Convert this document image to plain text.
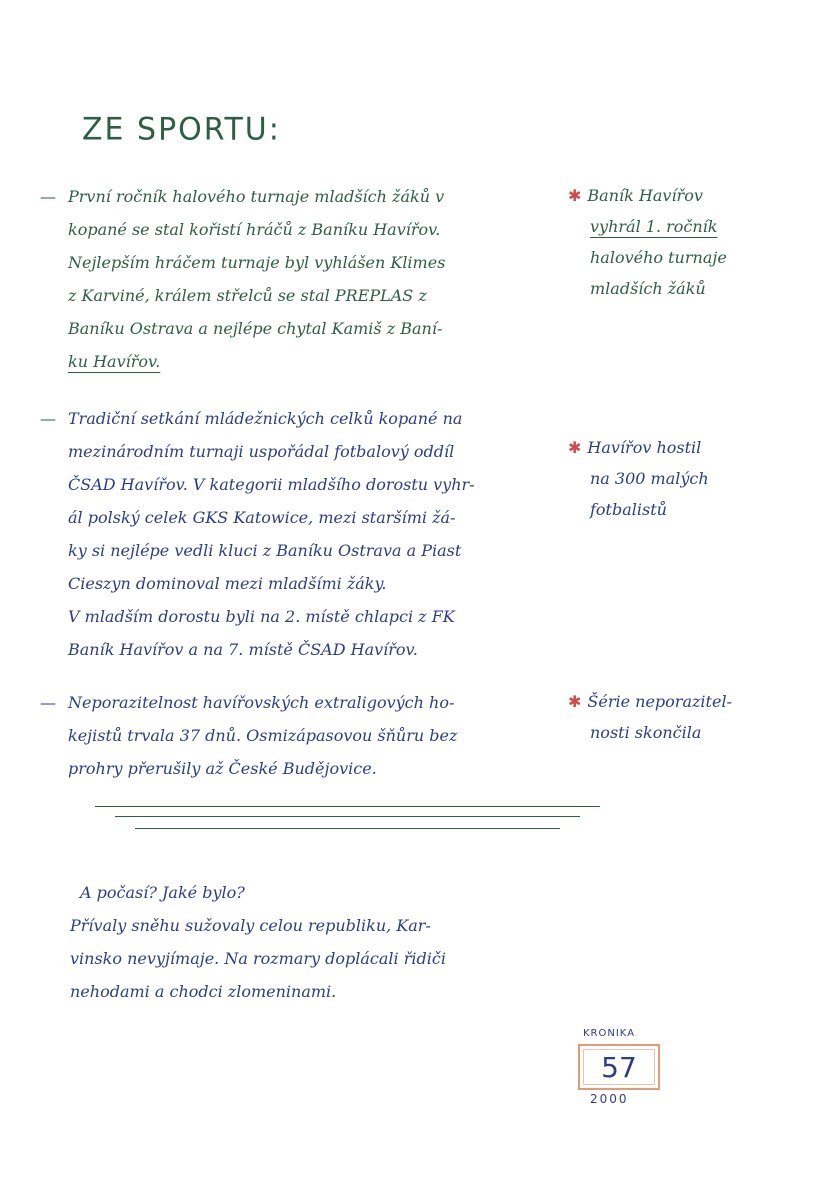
ZE SPORTU:
— První ročník halového turnaje mladších žáků v
kopané se stal kořistí hráčů z Baníku Havířov.
Nejlepším hráčem turnaje byl vyhlášen Klimes
z Karviné, králem střelců se stal PREPLAS z
Baníku Ostrava a nejlépe chytal Kamiš z Baní-
ku Havířov.
✱ Baník Havířov
vyhrál 1. ročník
halového turnaje
mladších žáků
— Tradiční setkání mládežnických celků kopané na
mezinárodním turnaji uspořádal fotbalový oddíl
ČSAD Havířov. V kategorii mladšího dorostu vyhr-
ál polský celek GKS Katowice, mezi staršími žá-
ky si nejlépe vedli kluci z Baníku Ostrava a Piast
Cieszyn dominoval mezi mladšími žáky.
V mladším dorostu byli na 2. místě chlapci z FK
Baník Havířov a na 7. místě ČSAD Havířov.
✱ Havířov hostil
na 300 malých
fotbalistů
— Neporazitelnost havířovských extraligových ho-
kejistů trvala 37 dnů. Osmizápasovou šňůru bez
prohry přerušily až České Budějovice.
✱ Šérie neporazitel-
nosti skončila
A počasí? Jaké bylo?
Přívaly sněhu sužovaly celou republiku, Kar-
vinsko nevyjímaje. Na rozmary doplácali řidiči
nehodami a chodci zlomeninami.
KRONIKA
57
2000
